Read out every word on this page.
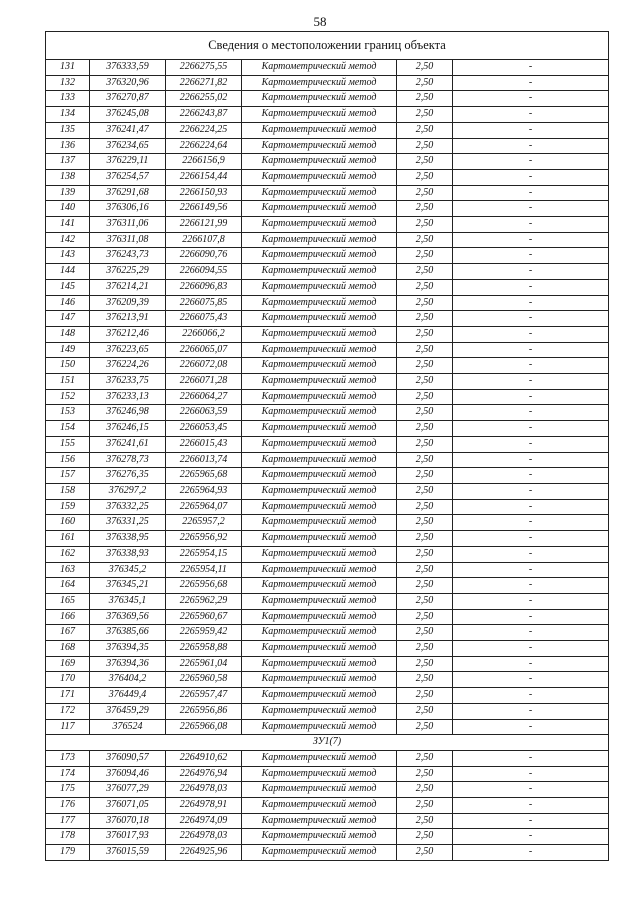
58
Сведения о местоположении границ объекта					
131	376333,59	2266275,55	Картометрический метод	2,50	-
132	376320,96	2266271,82	Картометрический метод	2,50	-
133	376270,87	2266255,02	Картометрический метод	2,50	-
134	376245,08	2266243,87	Картометрический метод	2,50	-
135	376241,47	2266224,25	Картометрический метод	2,50	-
136	376234,65	2266224,64	Картометрический метод	2,50	-
137	376229,11	2266156,9	Картометрический метод	2,50	-
138	376254,57	2266154,44	Картометрический метод	2,50	-
139	376291,68	2266150,93	Картометрический метод	2,50	-
140	376306,16	2266149,56	Картометрический метод	2,50	-
141	376311,06	2266121,99	Картометрический метод	2,50	-
142	376311,08	2266107,8	Картометрический метод	2,50	-
143	376243,73	2266090,76	Картометрический метод	2,50	-
144	376225,29	2266094,55	Картометрический метод	2,50	-
145	376214,21	2266096,83	Картометрический метод	2,50	-
146	376209,39	2266075,85	Картометрический метод	2,50	-
147	376213,91	2266075,43	Картометрический метод	2,50	-
148	376212,46	2266066,2	Картометрический метод	2,50	-
149	376223,65	2266065,07	Картометрический метод	2,50	-
150	376224,26	2266072,08	Картометрический метод	2,50	-
151	376233,75	2266071,28	Картометрический метод	2,50	-
152	376233,13	2266064,27	Картометрический метод	2,50	-
153	376246,98	2266063,59	Картометрический метод	2,50	-
154	376246,15	2266053,45	Картометрический метод	2,50	-
155	376241,61	2266015,43	Картометрический метод	2,50	-
156	376278,73	2266013,74	Картометрический метод	2,50	-
157	376276,35	2265965,68	Картометрический метод	2,50	-
158	376297,2	2265964,93	Картометрический метод	2,50	-
159	376332,25	2265964,07	Картометрический метод	2,50	-
160	376331,25	2265957,2	Картометрический метод	2,50	-
161	376338,95	2265956,92	Картометрический метод	2,50	-
162	376338,93	2265954,15	Картометрический метод	2,50	-
163	376345,2	2265954,11	Картометрический метод	2,50	-
164	376345,21	2265956,68	Картометрический метод	2,50	-
165	376345,1	2265962,29	Картометрический метод	2,50	-
166	376369,56	2265960,67	Картометрический метод	2,50	-
167	376385,66	2265959,42	Картометрический метод	2,50	-
168	376394,35	2265958,88	Картометрический метод	2,50	-
169	376394,36	2265961,04	Картометрический метод	2,50	-
170	376404,2	2265960,58	Картометрический метод	2,50	-
171	376449,4	2265957,47	Картометрический метод	2,50	-
172	376459,29	2265956,86	Картометрический метод	2,50	-
117	376524	2265966,08	Картометрический метод	2,50	-
ЗУ1(7)					
173	376090,57	2264910,62	Картометрический метод	2,50	-
174	376094,46	2264976,94	Картометрический метод	2,50	-
175	376077,29	2264978,03	Картометрический метод	2,50	-
176	376071,05	2264978,91	Картометрический метод	2,50	-
177	376070,18	2264974,09	Картометрический метод	2,50	-
178	376017,93	2264978,03	Картометрический метод	2,50	-
179	376015,59	2264925,96	Картометрический метод	2,50	-
